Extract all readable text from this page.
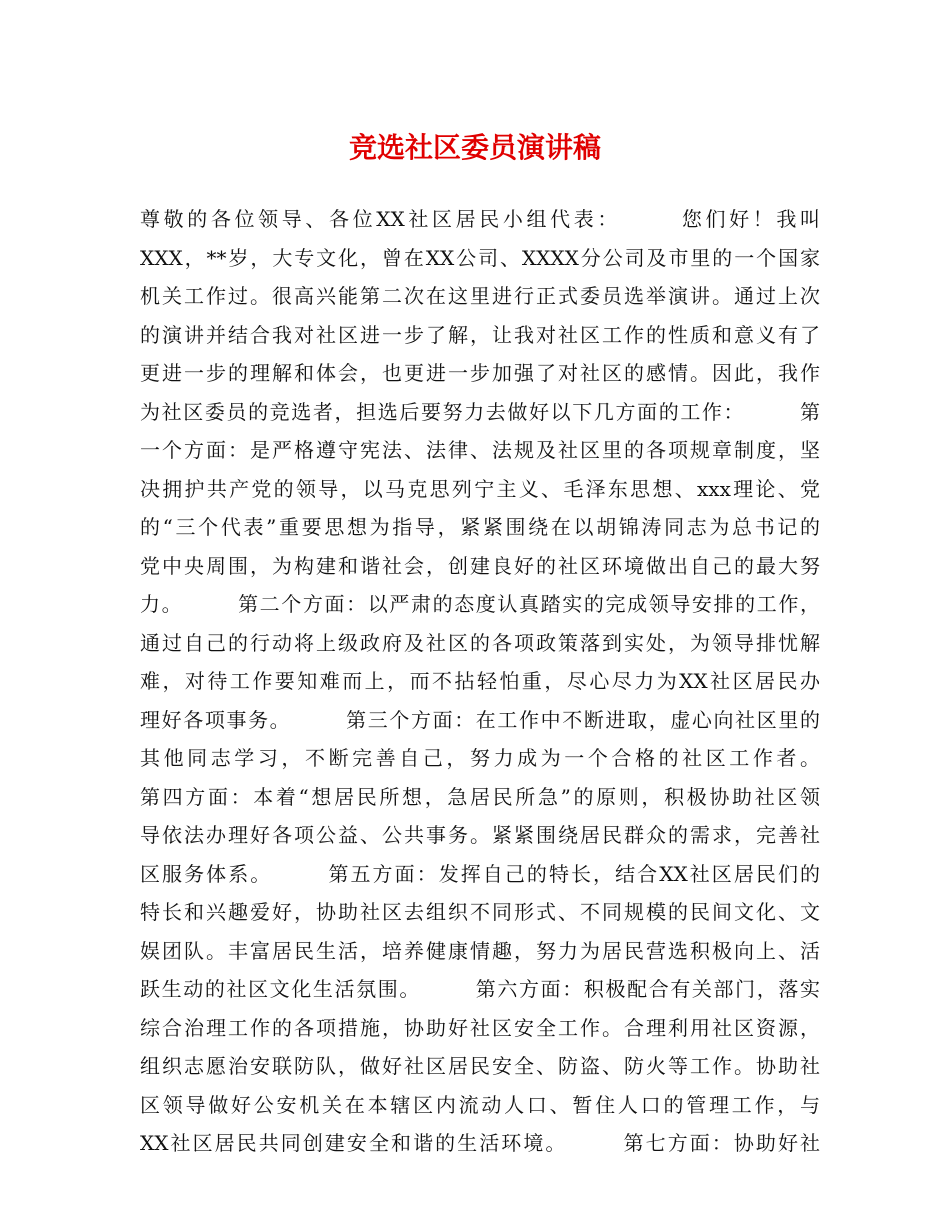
竞选社区委员演讲稿
尊敬的各位领导、各位XX社区居民小组代表：　　　您们好！我叫
XXX，**岁，大专文化，曾在XX公司、XXXX分公司及市里的一个国家
机关工作过。很高兴能第二次在这里进行正式委员选举演讲。通过上次
的演讲并结合我对社区进一步了解，让我对社区工作的性质和意义有了
更进一步的理解和体会，也更进一步加强了对社区的感情。因此，我作
为社区委员的竞选者，担选后要努力去做好以下几方面的工作：　　　第
一个方面：是严格遵守宪法、法律、法规及社区里的各项规章制度，坚
决拥护共产党的领导，以马克思列宁主义、毛泽东思想、xxx理论、党
的“三个代表”重要思想为指导，紧紧围绕在以胡锦涛同志为总书记的
党中央周围，为构建和谐社会，创建良好的社区环境做出自己的最大努
力。　　　第二个方面：以严肃的态度认真踏实的完成领导安排的工作，
通过自己的行动将上级政府及社区的各项政策落到实处，为领导排忧解
难，对待工作要知难而上，而不拈轻怕重，尽心尽力为XX社区居民办
理好各项事务。　　　第三个方面：在工作中不断进取，虚心向社区里的
其他同志学习，不断完善自己，努力成为一个合格的社区工作者。
第四方面：本着“想居民所想，急居民所急”的原则，积极协助社区领
导依法办理好各项公益、公共事务。紧紧围绕居民群众的需求，完善社
区服务体系。　　　第五方面：发挥自己的特长，结合XX社区居民们的
特长和兴趣爱好，协助社区去组织不同形式、不同规模的民间文化、文
娱团队。丰富居民生活，培养健康情趣，努力为居民营选积极向上、活
跃生动的社区文化生活氛围。　　　第六方面：积极配合有关部门，落实
综合治理工作的各项措施，协助好社区安全工作。合理利用社区资源，
组织志愿治安联防队，做好社区居民安全、防盗、防火等工作。协助社
区领导做好公安机关在本辖区内流动人口、暂住人口的管理工作，与
XX社区居民共同创建安全和谐的生活环境。　　　第七方面：协助好社
